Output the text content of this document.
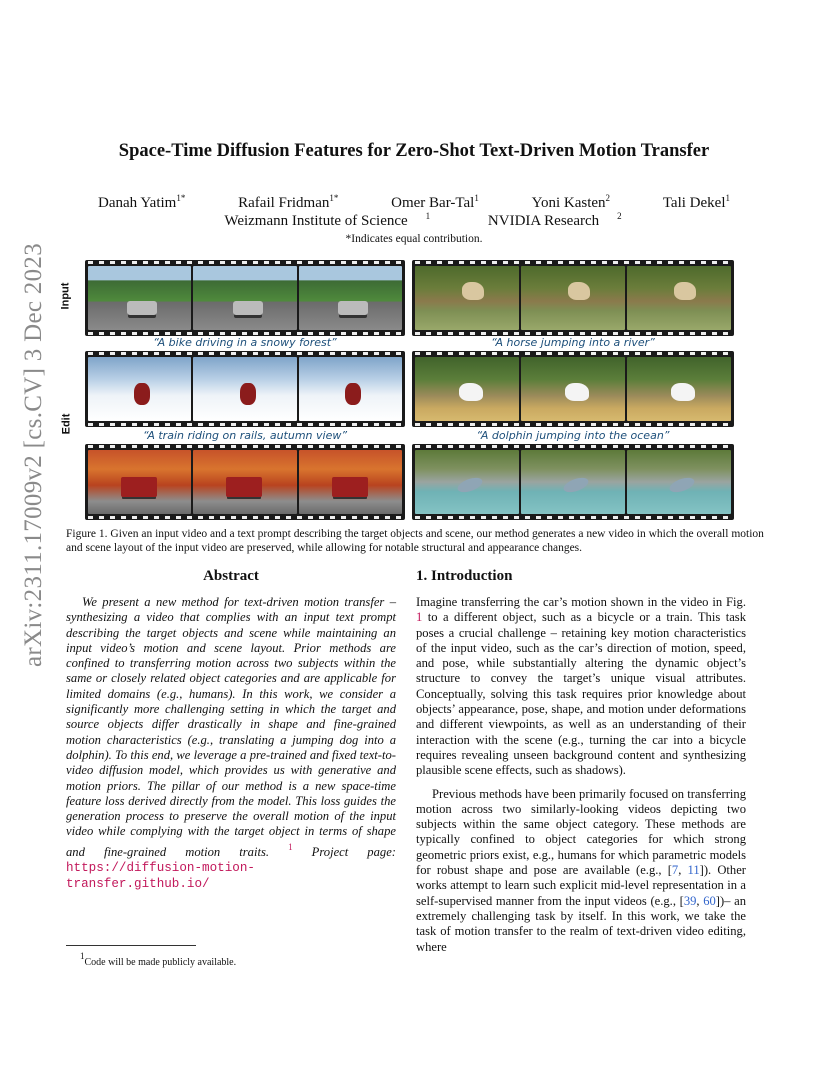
arXiv:2311.17009v2 [cs.CV] 3 Dec 2023
Space-Time Diffusion Features for Zero-Shot Text-Driven Motion Transfer
Danah Yatim$^{1*}$	Rafail Fridman$^{1*}$	Omer Bar-Tal$^1$	Yoni Kasten$^2$	Tali Dekel$^1$
Weizmann Institute of Science $^1$	NVIDIA Research $^2$
*Indicates equal contribution.
Input
Edit
“A bike driving in a snowy forest”	“A horse jumping into a river”
“A train riding on rails, autumn view”	“A dolphin jumping into the ocean”
Figure 1. Given an input video and a text prompt describing the target objects and scene, our method generates a new video in which the overall motion and scene layout of the input video are preserved, while allowing for notable structural and appearance changes.
Abstract

We present a new method for text-driven motion transfer – synthesizing a video that complies with an input text prompt describing the target objects and scene while maintaining an input video’s motion and scene layout. Prior methods are confined to transferring motion across two subjects within the same or closely related object categories and are applicable for limited domains (e.g., humans). In this work, we consider a significantly more challenging setting in which the target and source objects differ drastically in shape and fine-grained motion characteristics (e.g., translating a jumping dog into a dolphin). To this end, we leverage a pre-trained and fixed text-to-video diffusion model, which provides us with generative and motion priors. The pillar of our method is a new space-time feature loss derived directly from the model. This loss guides the generation process to preserve the overall motion of the input video while complying with the target object in terms of shape and fine-grained motion traits. $^1$ Project page: https://diffusion-motion-transfer.github.io/

1. Introduction

Imagine transferring the car’s motion shown in the video in Fig. 1 to a different object, such as a bicycle or a train. This task poses a crucial challenge – retaining key motion characteristics of the input video, such as the car’s direction of motion, speed, and pose, while substantially altering the dynamic object’s structure to convey the target’s unique visual attributes. Conceptually, solving this task requires prior knowledge about objects’ appearance, pose, shape, and motion under deformations and different viewpoints, as well as an understanding of their interaction with the scene (e.g., turning the car into a bicycle requires revealing unseen background content and synthesizing plausible scene effects, such as shadows).

Previous methods have been primarily focused on transferring motion across two similarly-looking videos depicting two subjects within the same object category. These methods are typically confined to object categories for which strong geometric priors exist, e.g., humans for which parametric models for robust shape and pose are available (e.g., [7, 11]). Other works attempt to learn such explicit mid-level representation in a self-supervised manner from the input videos (e.g., [39, 60])– an extremely challenging task by itself. In this work, we take the task of motion transfer to the realm of text-driven video editing, where

$^1$Code will be made publicly available.
